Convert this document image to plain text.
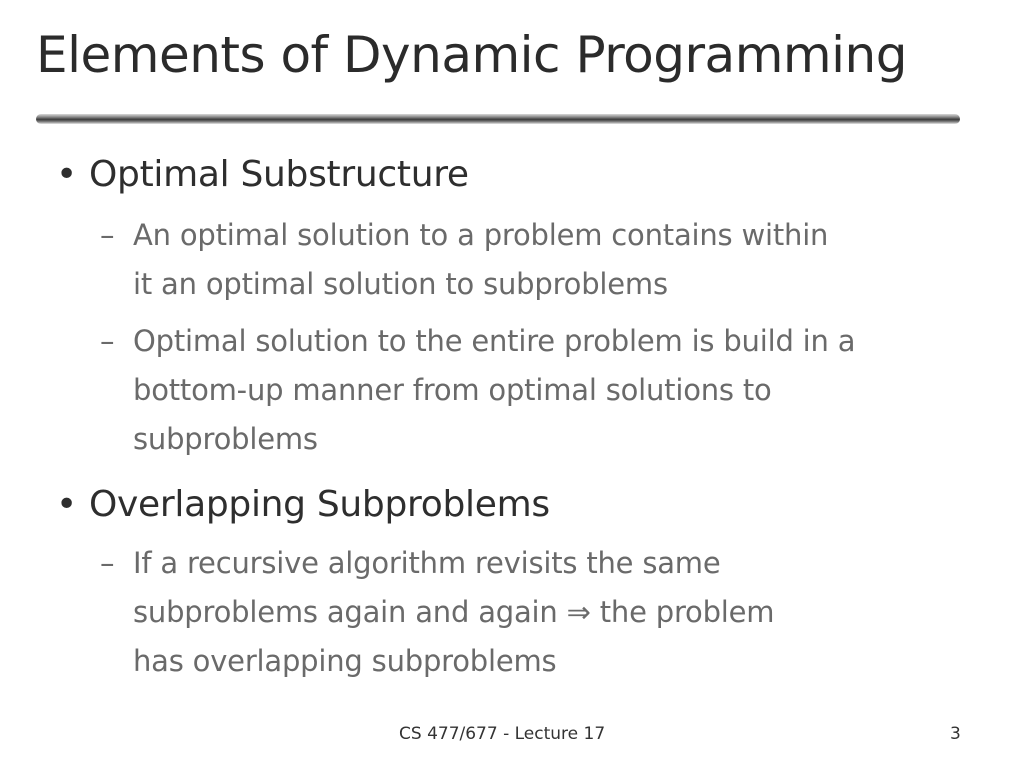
Elements of Dynamic Programming
• Optimal Substructure
– An optimal solution to a problem contains within
it an optimal solution to subproblems
– Optimal solution to the entire problem is build in a
bottom-up manner from optimal solutions to
subproblems
• Overlapping Subproblems
– If a recursive algorithm revisits the same
subproblems again and again ⇒ the problem
has overlapping subproblems
CS 477/677 - Lecture 17	3
